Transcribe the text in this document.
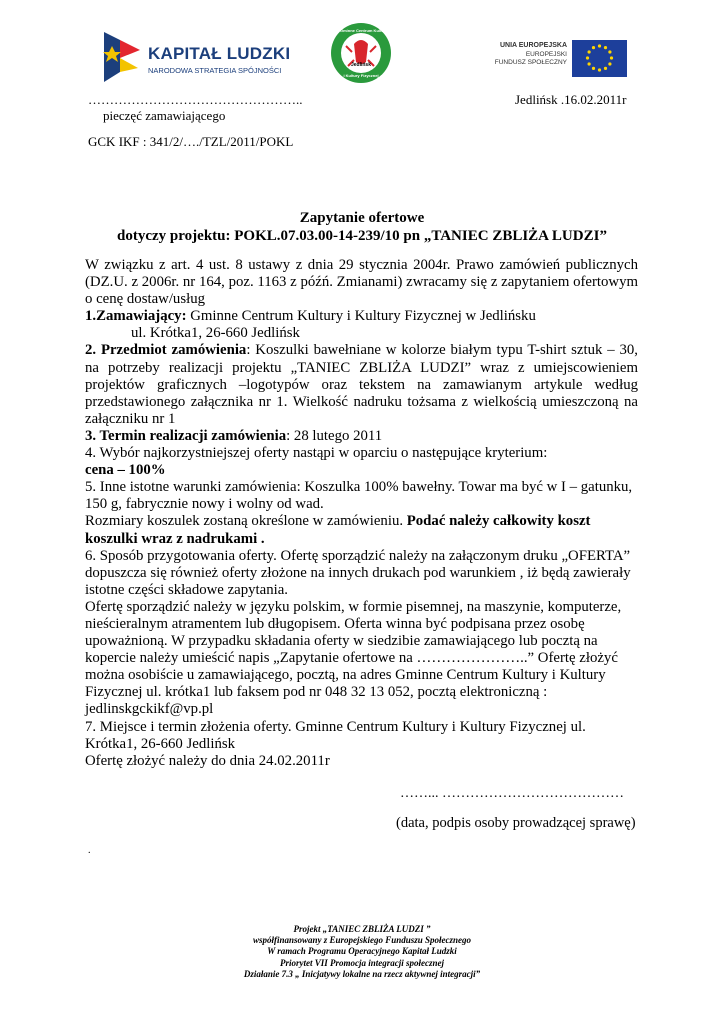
KAPITAŁ LUDZKI
NARODOWA STRATEGIA SPÓJNOŚCI
Gminne Centrum Kultury
Jedlińsk
i Kultury Fizycznej
UNIA EUROPEJSKA
EUROPEJSKI
FUNDUSZ SPOŁECZNY
…………………………………………..	Jedlińsk .16.02.2011r
pieczęć zamawiającego
GCK IKF : 341/2/…./TZL/2011/POKL
Zapytanie ofertowe
dotyczy projektu: POKL.07.03.00-14-239/10 pn „TANIEC ZBLIŻA LUDZI”

W związku z art. 4 ust. 8 ustawy z dnia 29 stycznia 2004r. Prawo zamówień publicznych (DZ.U. z 2006r. nr 164, poz. 1163 z późń. Zmianami) zwracamy się z zapytaniem ofertowym o cenę dostaw/usług

1.Zamawiający: Gminne Centrum Kultury i Kultury Fizycznej w Jedlińsku

ul. Krótka1, 26-660 Jedlińsk

2. Przedmiot zamówienia: Koszulki bawełniane w kolorze białym typu T-shirt sztuk – 30, na potrzeby realizacji projektu „TANIEC ZBLIŻA LUDZI” wraz z umiejscowieniem projektów graficznych –logotypów oraz tekstem na zamawianym artykule według przedstawionego załącznika nr 1. Wielkość nadruku tożsama z wielkością umieszczoną na załączniku nr 1

3. Termin realizacji zamówienia: 28 lutego 2011

4. Wybór najkorzystniejszej oferty nastąpi w oparciu o następujące kryterium:

cena – 100%

5. Inne istotne warunki zamówienia: Koszulka 100% bawełny. Towar ma być w I – gatunku, 150 g, fabrycznie nowy i wolny od wad.

Rozmiary koszulek zostaną określone w zamówieniu. Podać należy całkowity koszt koszulki wraz z nadrukami .

6. Sposób przygotowania oferty. Ofertę sporządzić należy na załączonym druku „OFERTA” dopuszcza się również oferty złożone na innych drukach pod warunkiem , iż będą zawierały istotne części składowe zapytania.

Ofertę sporządzić należy w języku polskim, w formie pisemnej, na maszynie, komputerze, nieścieralnym atramentem lub długopisem. Oferta winna być podpisana przez osobę upoważnioną. W przypadku składania oferty w siedzibie zamawiającego lub pocztą na kopercie należy umieścić napis „Zapytanie ofertowe na …………………..” Ofertę złożyć można osobiście u zamawiającego, pocztą, na adres Gminne Centrum Kultury i Kultury Fizycznej ul. krótka1 lub faksem pod nr 048 32 13 052, pocztą elektroniczną : jedlinskgckikf@vp.pl

7. Miejsce i termin złożenia oferty. Gminne Centrum Kultury i Kultury Fizycznej ul. Krótka1, 26-660 Jedlińsk

Ofertę złożyć należy do dnia 24.02.2011r

……... …………………………………
(data, podpis osoby prowadzącej sprawę)
.
Projekt „TANIEC ZBLIŻA LUDZI ”
współfinansowany z Europejskiego Funduszu Społecznego
W ramach Programu Operacyjnego Kapitał Ludzki
Priorytet VII Promocja integracji społecznej
Działanie 7.3 „ Inicjatywy lokalne na rzecz aktywnej integracji”
